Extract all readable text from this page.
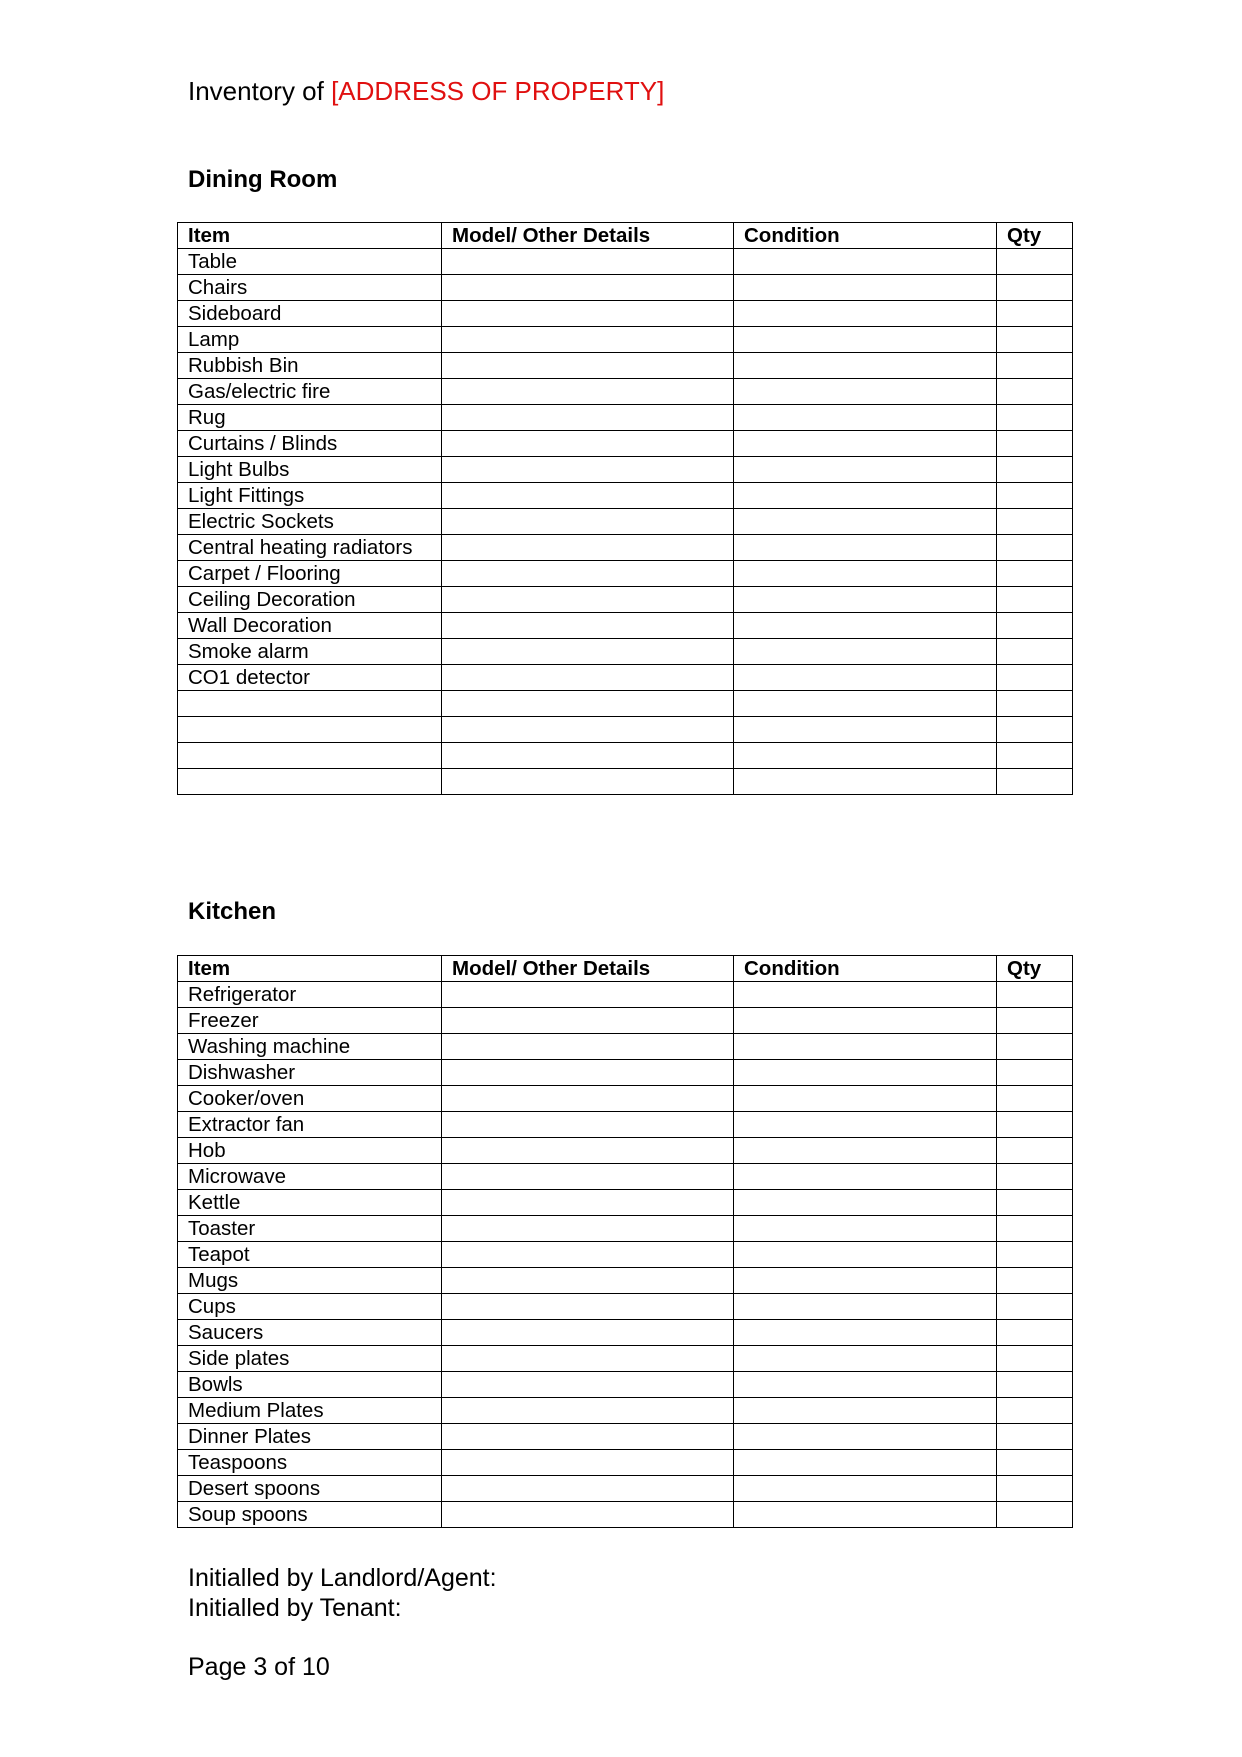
Inventory of [ADDRESS OF PROPERTY]
Dining Room
Item	Model/ Other Details	Condition	Qty
Table			
Chairs			
Sideboard			
Lamp			
Rubbish Bin			
Gas/electric fire			
Rug			
Curtains / Blinds			
Light Bulbs			
Light Fittings			
Electric Sockets			
Central heating radiators			
Carpet / Flooring			
Ceiling Decoration			
Wall Decoration			
Smoke alarm			
CO1 detector			

Kitchen
Item	Model/ Other Details	Condition	Qty
Refrigerator			
Freezer			
Washing machine			
Dishwasher			
Cooker/oven			
Extractor fan			
Hob			
Microwave			
Kettle			
Toaster			
Teapot			
Mugs			
Cups			
Saucers			
Side plates			
Bowls			
Medium Plates			
Dinner Plates			
Teaspoons			
Desert spoons			
Soup spoons			
Initialled by Landlord/Agent:
Initialled by Tenant:
Page 3 of 10
